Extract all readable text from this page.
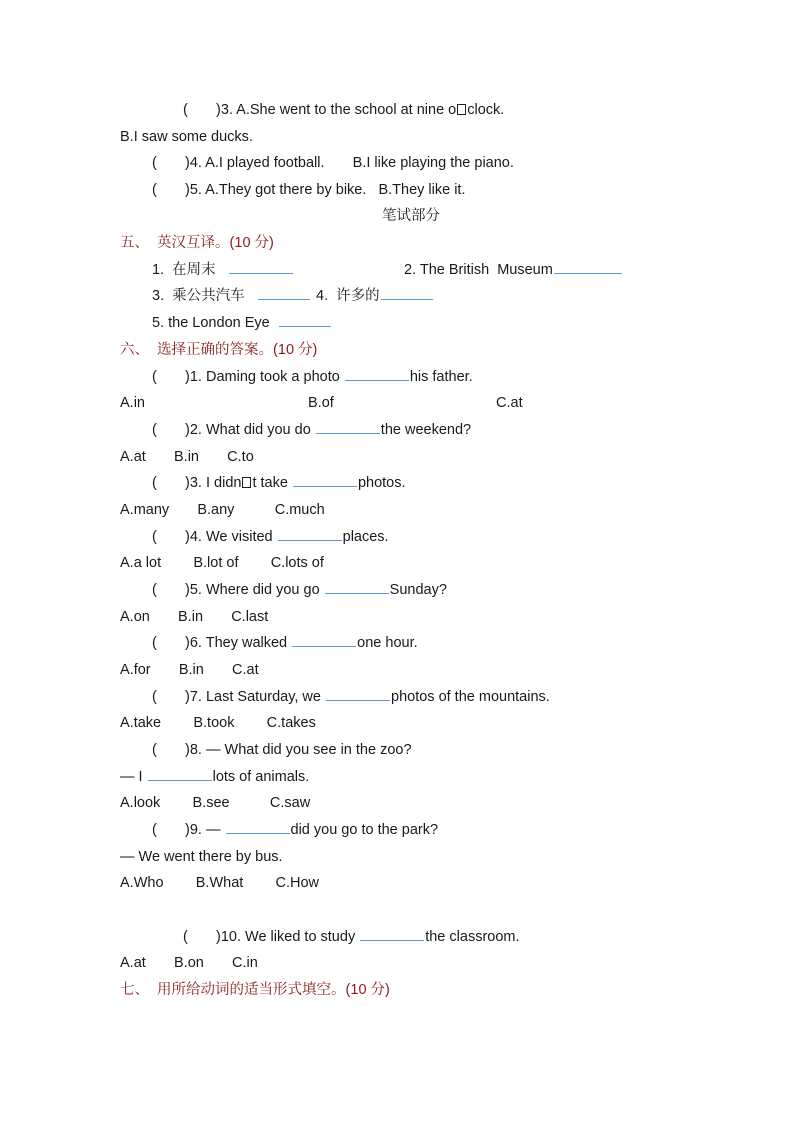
(       )3. A.She went to the school at nine o clock.
B.I saw some ducks.
(       )4. A.I played football.       B.I like playing the piano.
(       )5. A.They got there by bike.   B.They like it.
笔试部分
五、  英汉互译。(10 分)
1.  在周末	2. The British  Museum
3.  乘公共汽车	4.  许多的
5. the London Eye
六、  选择正确的答案。(10 分)
(       )1. Daming took a photo	his father.
A.in	B.of	C.at
(       )2. What did you do	the weekend?
A.at       B.in       C.to
(       )3. I didn t take	photos.
A.many       B.any          C.much
(       )4. We visited	places.
A.a lot        B.lot of        C.lots of
(       )5. Where did you go	Sunday?
A.on       B.in       C.last
(       )6. They walked	one hour.
A.for       B.in       C.at
(       )7. Last Saturday, we	photos of the mountains.
A.take        B.took        C.takes
(       )8. — What did you see in the zoo?
— I	lots of animals.
A.look        B.see          C.saw
(       )9. —	did you go to the park?
— We went there by bus.
A.Who        B.What        C.How
(       )10. We liked to study	the classroom.
A.at       B.on       C.in
七、  用所给动词的适当形式填空。(10 分)
